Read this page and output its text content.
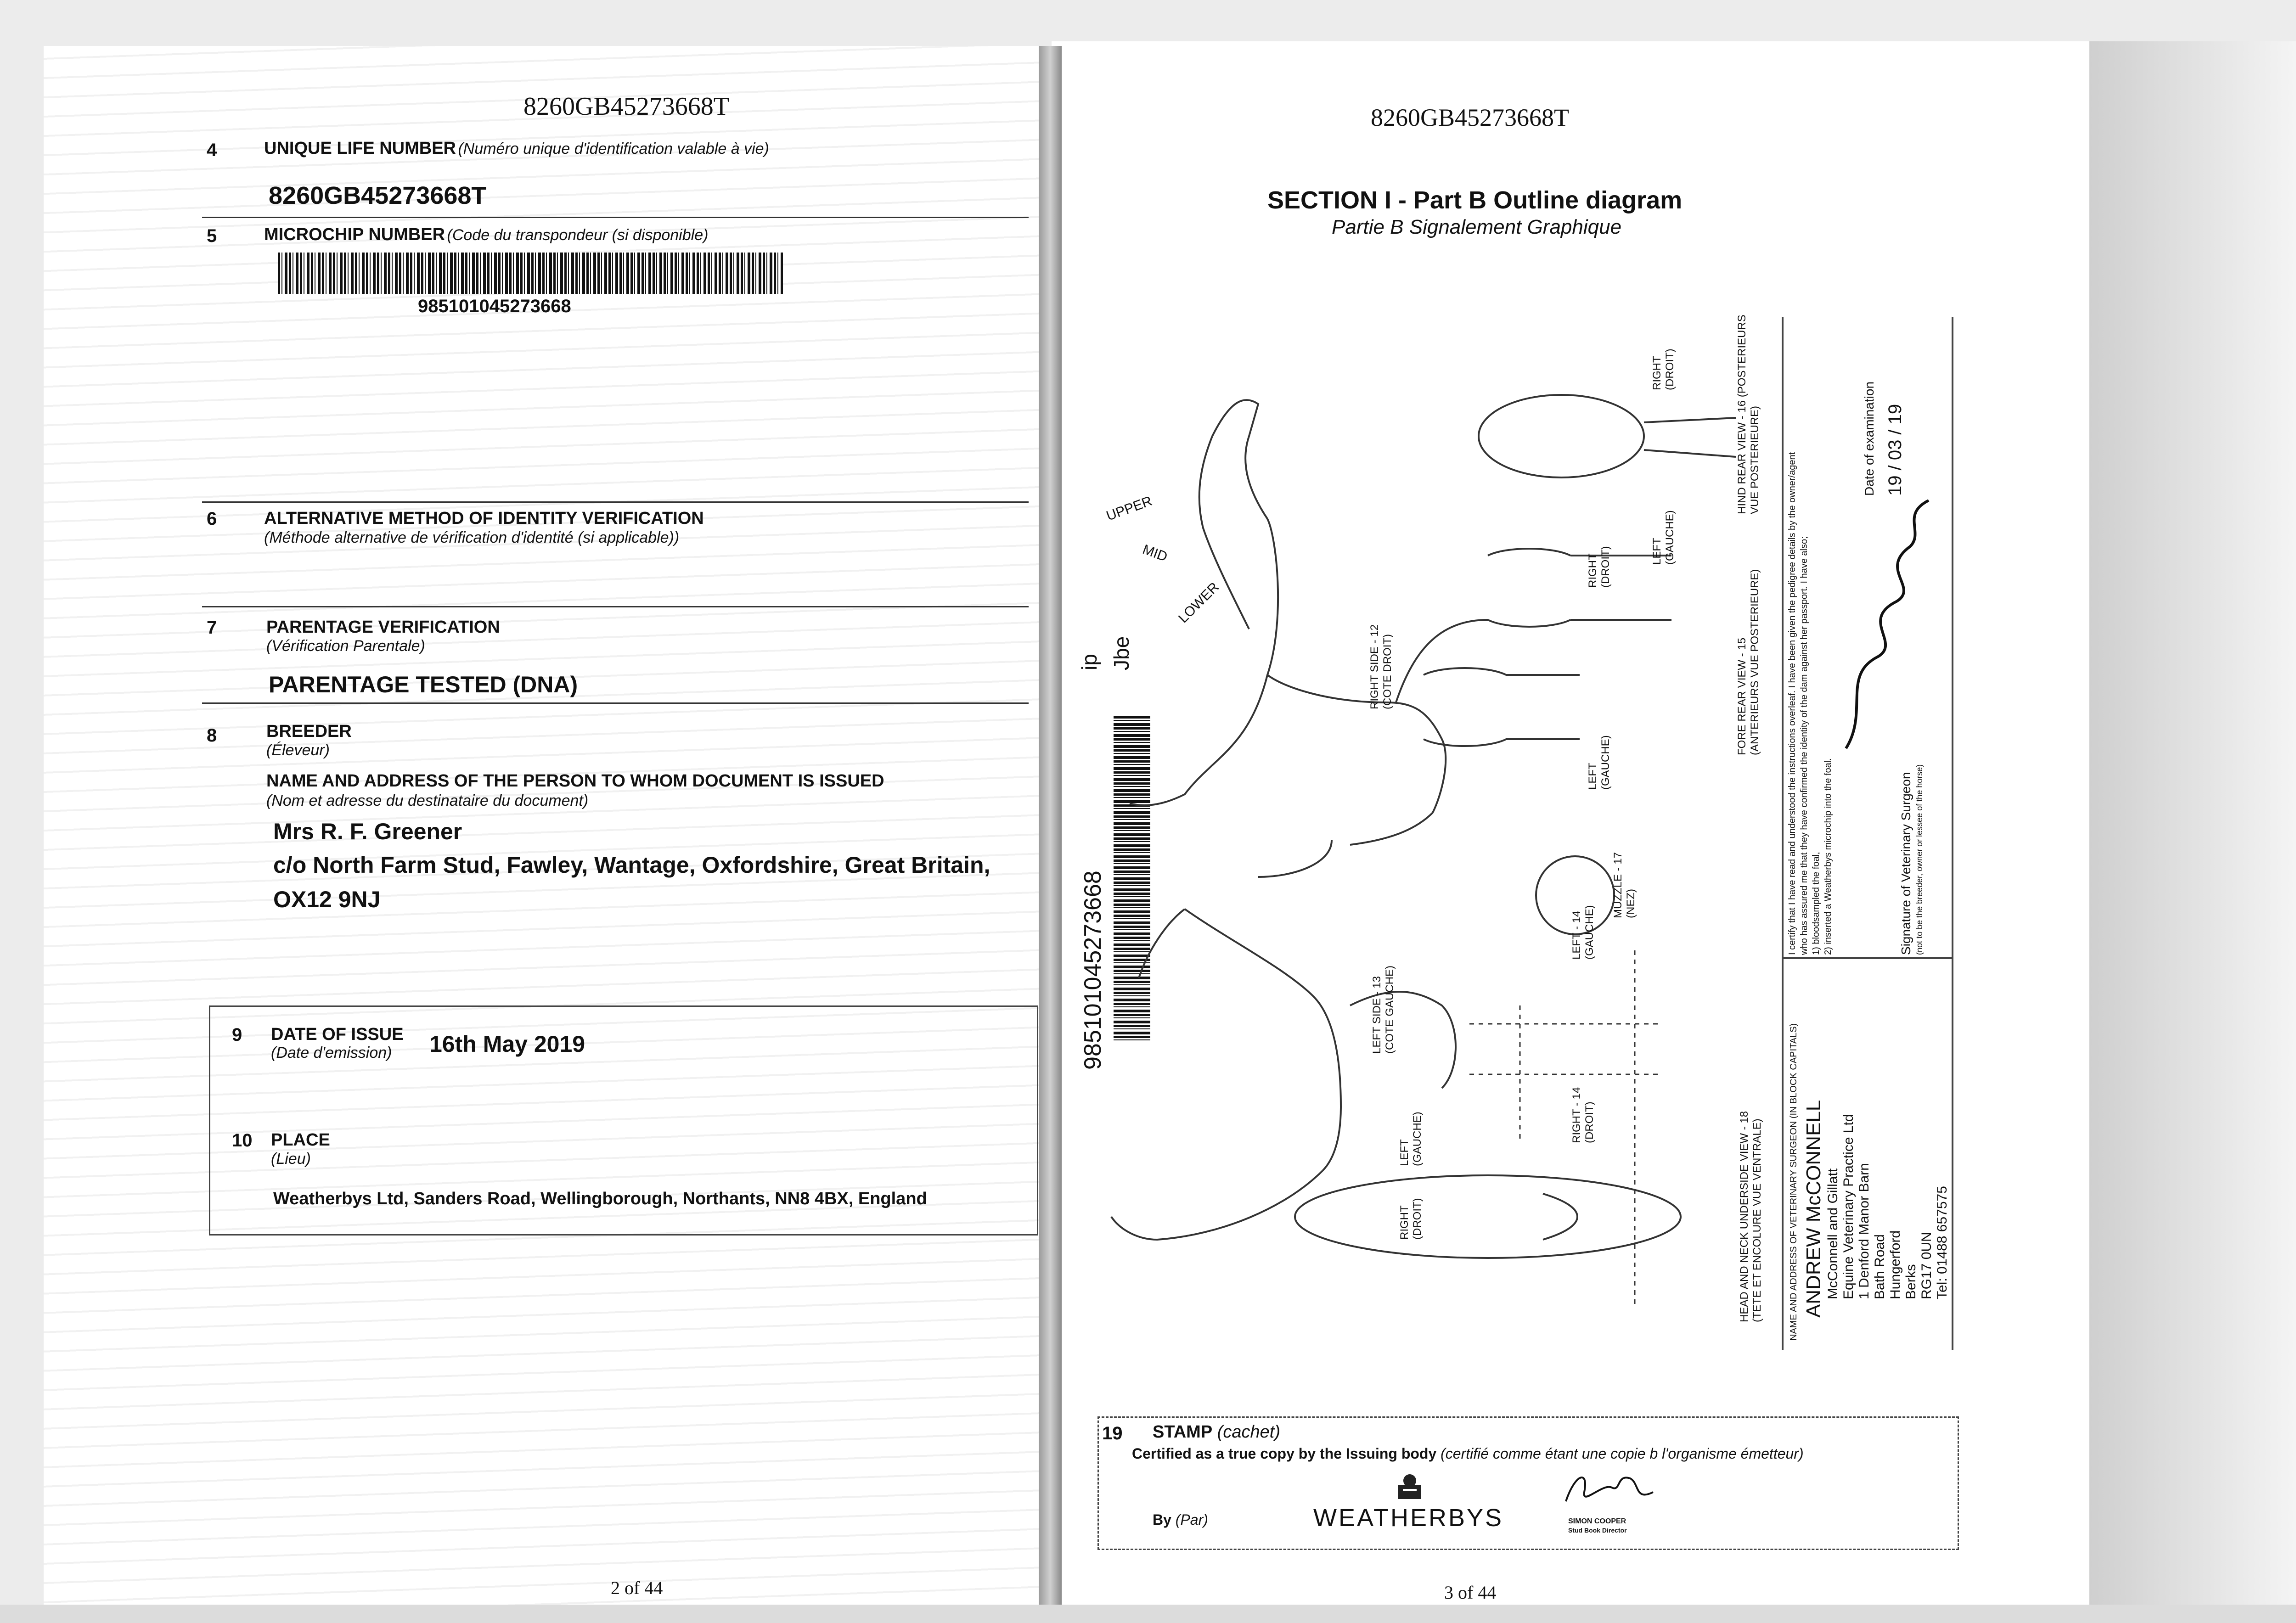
8260GB45273668T
4	UNIQUE LIFE NUMBER (Numéro unique d'identification valable à vie)
8260GB45273668T
5	MICROCHIP NUMBER (Code du transpondeur (si disponible)
985101045273668
6	ALTERNATIVE METHOD OF IDENTITY VERIFICATION
(Méthode alternative de vérification d'identité (si applicable))
7	PARENTAGE VERIFICATION
(Vérification Parentale)
PARENTAGE TESTED (DNA)
8	BREEDER
(Éleveur)
NAME AND ADDRESS OF THE PERSON TO WHOM DOCUMENT IS ISSUED
(Nom et adresse du destinataire du document)
Mrs R. F. Greener
c/o North Farm Stud, Fawley, Wantage, Oxfordshire, Great Britain,
OX12 9NJ
9 DATE OF ISSUE
(Date d'emission) 16th May 2019
10 PLACE
(Lieu)
Weatherbys Ltd, Sanders Road, Wellingborough, Northants, NN8 4BX, England
2 of 44
8260GB45273668T
SECTION I - Part B Outline diagram
Partie B Signalement Graphique
985101045273668
ip Jbe
UPPER
MID
LOWER
RIGHT SIDE - 12
(COTE DROIT)
LEFT SIDE - 13
(COTE GAUCHE)
FORE REAR VIEW - 15
(ANTERIEURS VUE POSTERIEURE)
HIND REAR VIEW - 16 (POSTERIEURS
VUE POSTERIEURE)
MUZZLE - 17
(NEZ)
HEAD AND NECK UNDERSIDE VIEW - 18
(TETE ET ENCOLURE VUE VENTRALE)
LEFT - 14
(GAUCHE)
RIGHT - 14
(DROIT)
RIGHT
(DROIT)
LEFT
(GAUCHE)
RIGHT
(DROIT)
LEFT
(GAUCHE)
RIGHT
(DROIT)
LEFT
(GAUCHE)
I certify that I have read and understood the instructions overleaf. I have been given the pedigree details by the owner/agent who has assured me that they have confirmed the identity of the dam against her passport. I have also; 1) bloodsampled the foal, 2) inserted a Weatherbys microchip into the foal.
Date of examination 19 / 03 / 19
Signature of Veterinary Surgeon (not to be the breeder, owner or lessee of the horse)
NAME AND ADDRESS OF VETERINARY SURGEON (IN BLOCK CAPITALS) ANDREW McCONNELL McConnell and Gillatt Equine Veterinary Practice Ltd 1 Denford Manor Barn Bath Road Hungerford Berks RG17 0UN Tel: 01488 657575
19 STAMP (cachet)
Certified as a true copy by the Issuing body (certifié comme étant une copie b l'organisme émetteur)
By (Par)	WEATHERBYS	SIMON COOPER
Stud Book Director
3 of 44
